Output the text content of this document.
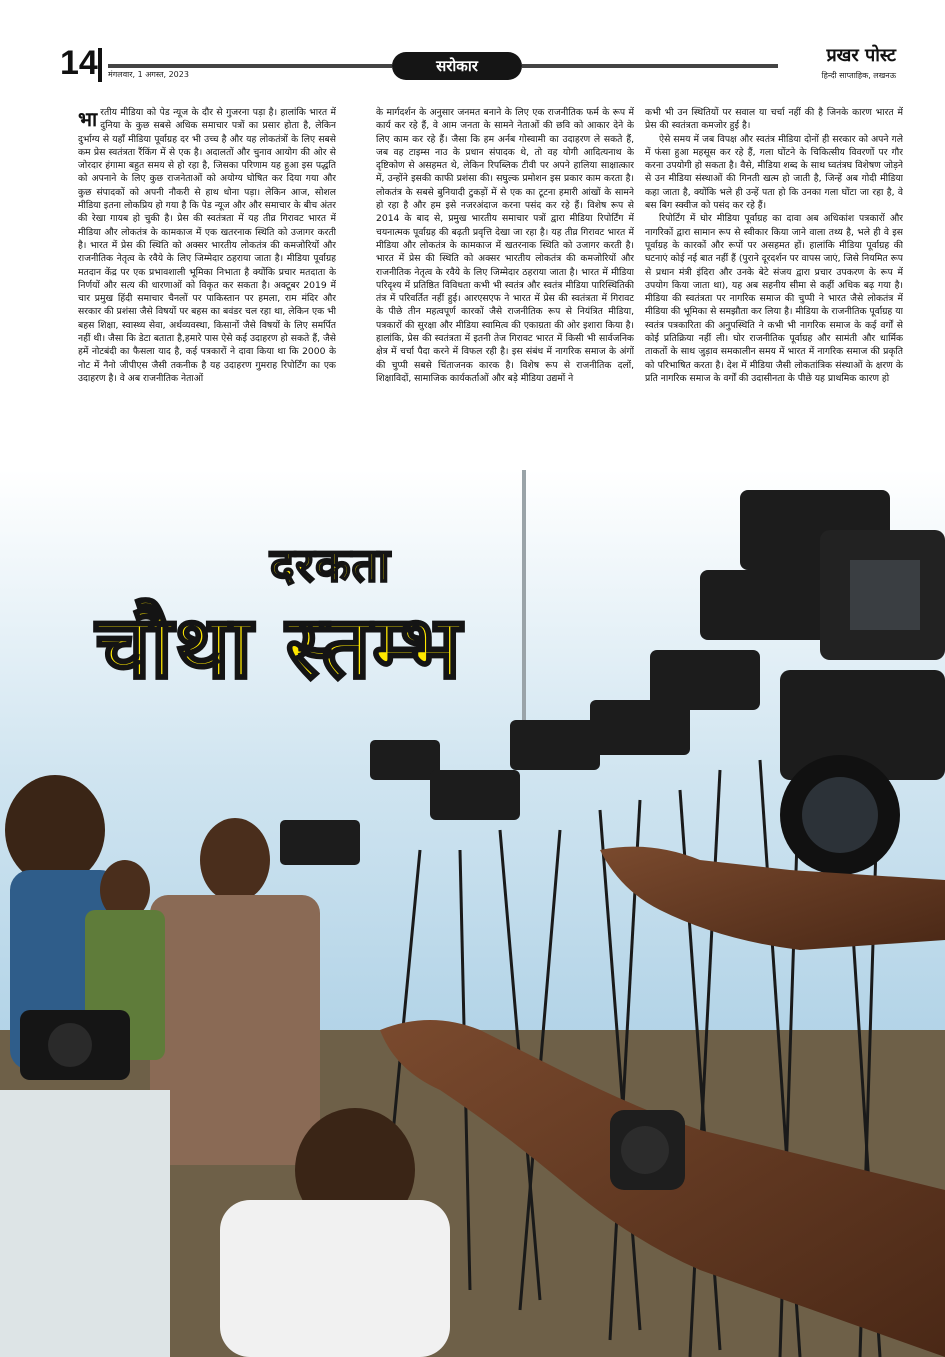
14 मंगलवार, 1 अगस्त, 2023	सरोकार	प्रखर पोस्ट
हिन्दी साप्ताहिक, लखनऊ

भारतीय मीडिया को पेड न्यूज के दौर से गुजरना पड़ा है। हालांकि भारत में दुनिया के कुछ सबसे अधिक समाचार पत्रों का प्रसार होता है, लेकिन दुर्भाग्य से यहाँ मीडिया पूर्वाग्रह दर भी उच्च है और यह लोकतंत्रों के लिए सबसे कम प्रेस स्वतंत्रता रैंकिंग में से एक है। अदालतों और चुनाव आयोग की ओर से जोरदार हंगामा बहुत समय से हो रहा है, जिसका परिणाम यह हुआ इस पद्धति को अपनाने के लिए कुछ राजनेताओं को अयोग्य घोषित कर दिया गया और कुछ संपादकों को अपनी नौकरी से हाथ धोना पड़ा। लेकिन आज, सोशल मीडिया इतना लोकप्रिय हो गया है कि पेड न्यूज और और समाचार के बीच अंतर की रेखा गायब हो चुकी है। प्रेस की स्वतंत्रता में यह तीव्र गिरावट भारत में मीडिया और लोकतंत्र के कामकाज में एक खतरनाक स्थिति को उजागर करती है। भारत में प्रेस की स्थिति को अक्सर भारतीय लोकतंत्र की कमजोरियों और राजनीतिक नेतृत्व के रवैये के लिए जिम्मेदार ठहराया जाता है। मीडिया पूर्वाग्रह मतदान केंद्र पर एक प्रभावशाली भूमिका निभाता है क्योंकि प्रचार मतदाता के निर्णयों और सत्य की धारणाओं को विकृत कर सकता है। अक्टूबर 2019 में चार प्रमुख हिंदी समाचार चैनलों पर पाकिस्तान पर हमला, राम मंदिर और सरकार की प्रशंसा जैसे विषयों पर बहस का बवंडर चल रहा था, लेकिन एक भी बहस शिक्षा, स्वास्थ्य सेवा, अर्थव्यवस्था, किसानों जैसे विषयों के लिए समर्पित नहीं थी। जैसा कि डेटा बताता है,हमारे पास ऐसे कई उदाहरण हो सकते हैं, जैसे हमें नोटबंदी का फैसला याद है, कई पत्रकारों ने दावा किया था कि 2000 के नोट में नैनो जीपीएस जैसी तकनीक है यह उदाहरण गुमराह रिपोर्टिंग का एक उदाहरण है। वे अब राजनीतिक नेताओं

के मार्गदर्शन के अनुसार जनमत बनाने के लिए एक राजनीतिक फर्म के रूप में कार्य कर रहे हैं, वे आम जनता के सामने नेताओं की छवि को आकार देने के लिए काम कर रहे हैं। जैसा कि हम अर्नब गोस्वामी का उदाहरण ले सकते हैं, जब वह टाइम्स नाउ के प्रधान संपादक थे, तो वह योगी आदित्यनाथ के दृष्टिकोण से असहमत थे, लेकिन रिपब्लिक टीवी पर अपने हालिया साक्षात्कार में, उन्होंने इसकी काफी प्रशंसा की। सघुल्क प्रमोशन इस प्रकार काम करता है। लोकतंत्र के सबसे बुनियादी टुकड़ों में से एक का टूटना हमारी आंखों के सामने हो रहा है और हम इसे नजरअंदाज करना पसंद कर रहे हैं। विशेष रूप से 2014 के बाद से, प्रमुख भारतीय समाचार पत्रों द्वारा मीडिया रिपोर्टिंग में चयनात्मक पूर्वाग्रह की बढ़ती प्रवृत्ति देखा जा रहा है। यह तीव्र गिरावट भारत में मीडिया और लोकतंत्र के कामकाज में खतरनाक स्थिति को उजागर करती है। भारत में प्रेस की स्थिति को अक्सर भारतीय लोकतंत्र की कमजोरियों और राजनीतिक नेतृत्व के रवैये के लिए जिम्मेदार ठहराया जाता है। भारत में मीडिया परिदृश्य में प्रतिष्ठित विविधता कभी भी स्वतंत्र और स्वतंत्र मीडिया पारिस्थितिकी तंत्र में परिवर्तित नहीं हुई। आरएसएफ ने भारत में प्रेस की स्वतंत्रता में गिरावट के पीछे तीन महत्वपूर्ण कारकों जैसे राजनीतिक रूप से नियंत्रित मीडिया, पत्रकारों की सुरक्षा और मीडिया स्वामित्व की एकाग्रता की ओर इशारा किया है। हालांकि, प्रेस की स्वतंत्रता में इतनी तेज गिरावट भारत में किसी भी सार्वजनिक क्षेत्र में चर्चा पैदा करने में विफल रही है। इस संबंध में नागरिक समाज के अंगों की चुप्पी सबसे चिंताजनक कारक है। विशेष रूप से राजनीतिक दलों, शिक्षाविदों, सामाजिक कार्यकर्ताओं और बड़े मीडिया उद्यमों ने

कभी भी उन स्थितियों पर सवाल या चर्चा नहीं की है जिनके कारण भारत में प्रेस की स्वतंत्रता कमजोर हुई है।

ऐसे समय में जब विपक्ष और स्वतंत्र मीडिया दोनों ही सरकार को अपने गले में फंसा हुआ महसूस कर रहे हैं, गला घोंटने के चिकित्सीय विवरणों पर गौर करना उपयोगी हो सकता है। वैसे, मीडिया शब्द के साथ घ्वतंत्रघ विशेषण जोड़ने से उन मीडिया संस्थाओं की गिनती खत्म हो जाती है, जिन्हें अब गोदी मीडिया कहा जाता है, क्योंकि भले ही उन्हें पता हो कि उनका गला घोंटा जा रहा है, वे बस बिग स्क्वीज को पसंद कर रहे हैं।

रिपोर्टिंग में घोर मीडिया पूर्वाग्रह का दावा अब अधिकांश पत्रकारों और नागरिकों द्वारा सामान रूप से स्वीकार किया जाने वाला तथ्य है, भले ही वे इस पूर्वाग्रह के कारकों और रूपों पर असहमत हों। हालांकि मीडिया पूर्वाग्रह की घटनाएं कोई नई बात नहीं हैं (पुराने दूरदर्शन पर वापस जाएं, जिसे नियमित रूप से प्रधान मंत्री इंदिरा और उनके बेटे संजय द्वारा प्रचार उपकरण के रूप में उपयोग किया जाता था), यह अब सहनीय सीमा से कहीं अधिक बढ़ गया है। मीडिया की स्वतंत्रता पर नागरिक समाज की चुप्पी ने भारत जैसे लोकतंत्र में मीडिया की भूमिका से समझौता कर लिया है। मीडिया के राजनीतिक पूर्वाग्रह या स्वतंत्र पत्रकारिता की अनुपस्थिति ने कभी भी नागरिक समाज के कई वर्गों से कोई प्रतिक्रिया नहीं ली। घोर राजनीतिक पूर्वाग्रह और सामंती और धार्मिक ताकतों के साथ जुड़ाव समकालीन समय में भारत में नागरिक समाज की प्रकृति को परिभाषित करता है। देश में मीडिया जैसी लोकतांत्रिक संस्थाओं के क्षरण के प्रति नागरिक समाज के वर्गों की उदासीनता के पीछे यह प्राथमिक कारण हो

दरकता
चौथा स्तम्भ
